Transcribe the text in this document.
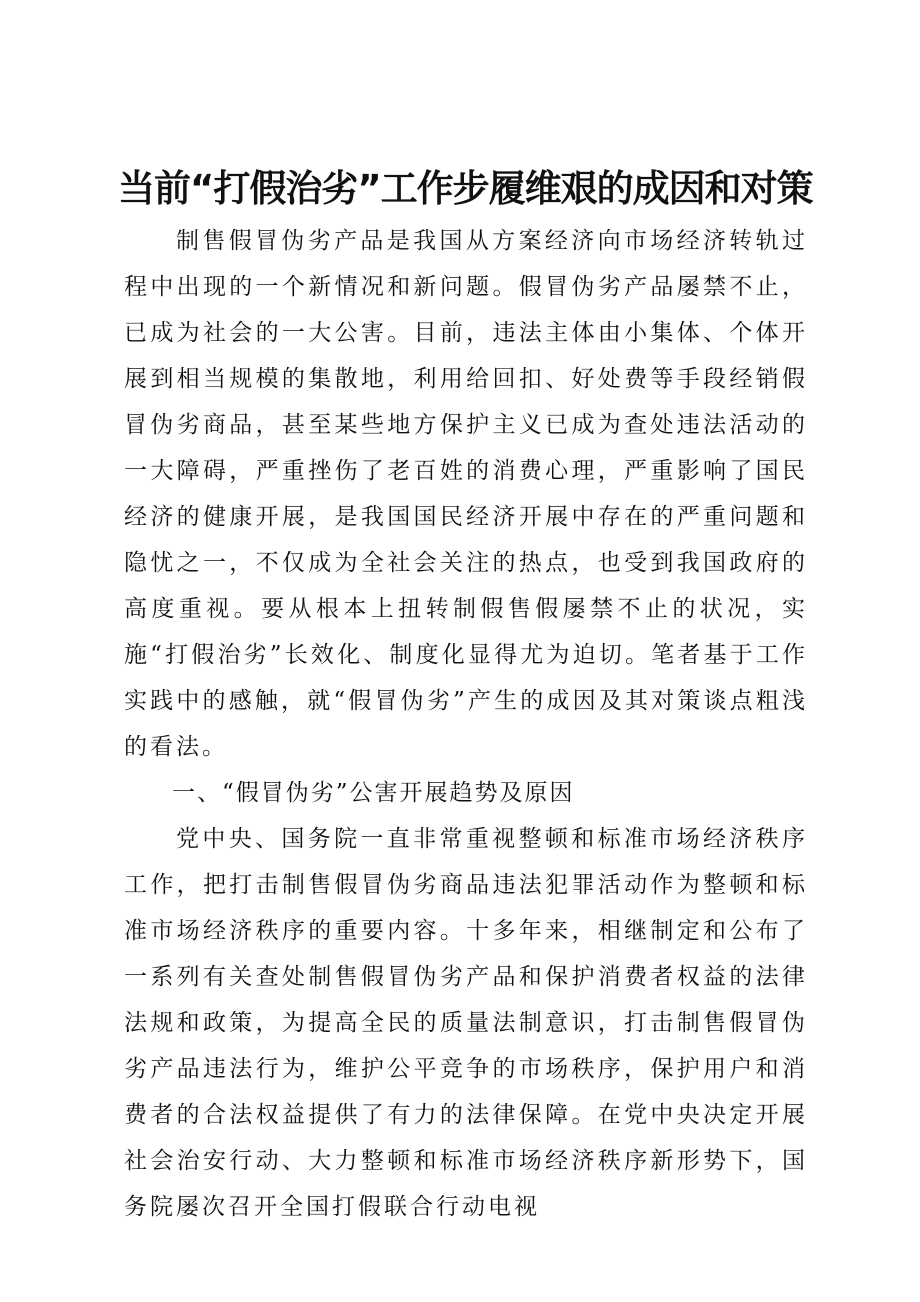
当前“打假治劣”工作步履维艰的成因和对策

制售假冒伪劣产品是我国从方案经济向市场经济转轨过程中出现的一个新情况和新问题。假冒伪劣产品屡禁不止，已成为社会的一大公害。目前，违法主体由小集体、个体开展到相当规模的集散地，利用给回扣、好处费等手段经销假冒伪劣商品，甚至某些地方保护主义已成为查处违法活动的一大障碍，严重挫伤了老百姓的消费心理，严重影响了国民经济的健康开展，是我国国民经济开展中存在的严重问题和隐忧之一，不仅成为全社会关注的热点，也受到我国政府的高度重视。要从根本上扭转制假售假屡禁不止的状况，实施“打假治劣”长效化、制度化显得尤为迫切。笔者基于工作实践中的感触，就“假冒伪劣”产生的成因及其对策谈点粗浅的看法。

一、“假冒伪劣”公害开展趋势及原因

党中央、国务院一直非常重视整顿和标准市场经济秩序工作，把打击制售假冒伪劣商品违法犯罪活动作为整顿和标准市场经济秩序的重要内容。十多年来，相继制定和公布了一系列有关查处制售假冒伪劣产品和保护消费者权益的法律法规和政策，为提高全民的质量法制意识，打击制售假冒伪劣产品违法行为，维护公平竞争的市场秩序，保护用户和消费者的合法权益提供了有力的法律保障。在党中央决定开展社会治安行动、大力整顿和标准市场经济秩序新形势下，国务院屡次召开全国打假联合行动电视
